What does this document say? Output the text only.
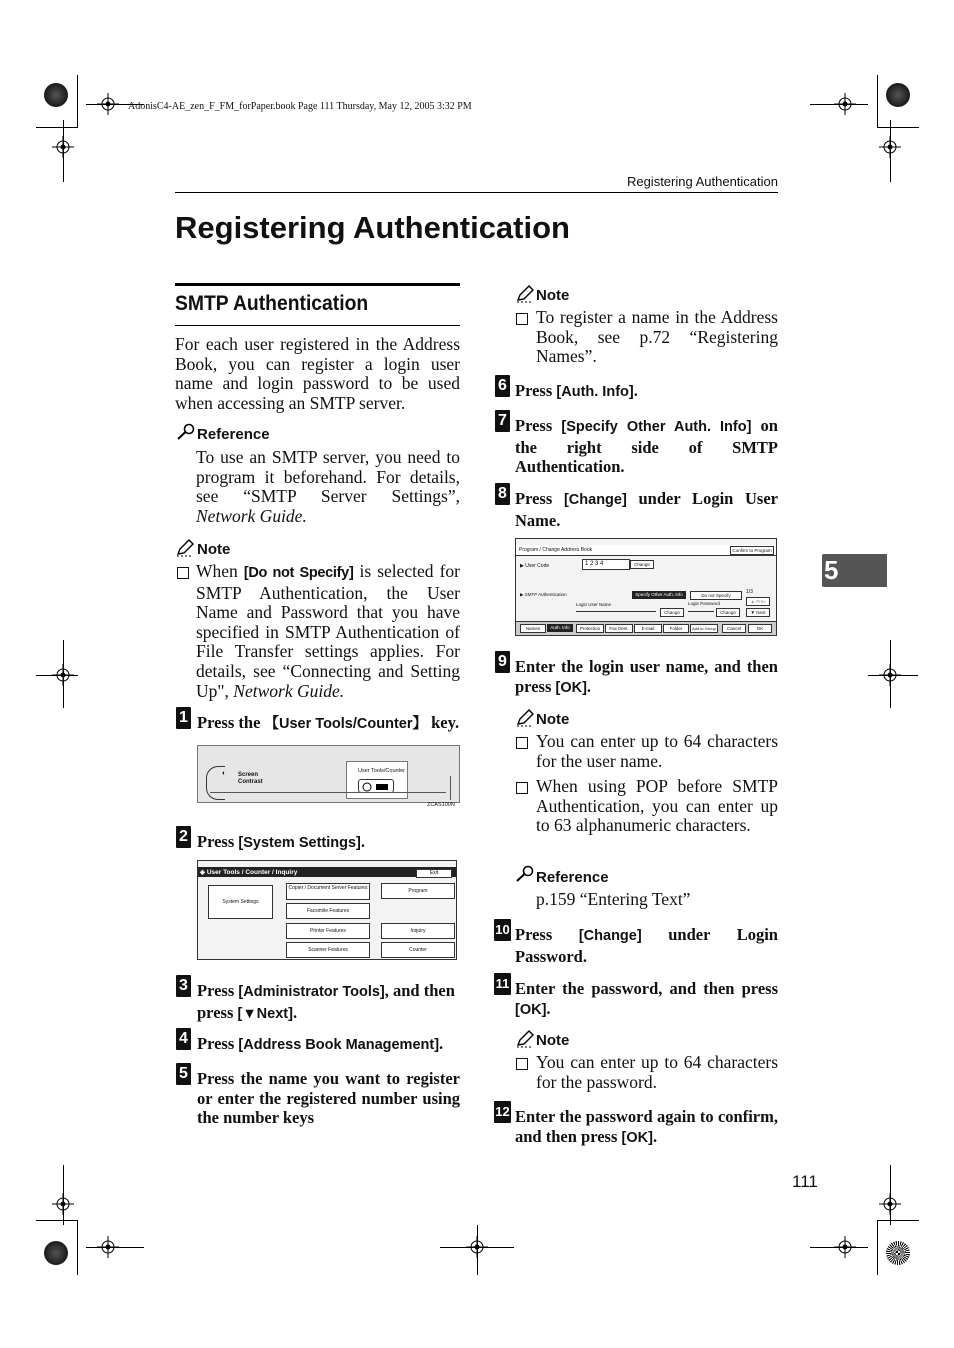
AdonisC4-AE_zen_F_FM_forPaper.book Page 111 Thursday, May 12, 2005 3:32 PM
Registering Authentication
5
Registering Authentication
SMTP Authentication
For each user registered in the Address Book, you can register a login user name and login password to be used when accessing an SMTP server.
Reference
To use an SMTP server, you need to program it beforehand. For details, see “SMTP Server Settings”, Network Guide.
Note
When [Do not Specify] is selected for SMTP Authentication, the User Name and Password that you have specified in SMTP Authentication of File Transfer settings applies. For details, see “Connecting and Setting Up", Network Guide.
1 Press the 【User Tools/Counter】 key.
◐ Screen
Contrast
User Tools/Counter
ZCAS100N
2 Press [System Settings].
◈ User Tools / Counter / Inquiry	Exit
System Settings
Copier / Document Server Features
Facsimile Features
Printer Features
Scanner Features
Program
Inquiry
Counter
3 Press [Administrator Tools], and then press [▼Next].
4 Press [Address Book Management].
5 Press the name you want to register or enter the registered number using the number keys
Note
To register a name in the Address Book, see p.72 “Registering Names”.
6 Press [Auth. Info].
7 Press [Specify Other Auth. Info] on the right side of SMTP Authentication.
8 Press [Change] under Login User Name.
Program / Change Address Book	Confirm to Program
▶ User Code	1 2 3 4	Change
▶ SMTP Authentication	Specify Other Auth. Info	Do not Specify
Login User Name	Login Password
Change	Change
1/3
▲ Prev
▼ Next
Names	Auth. Info	Protection	Fax Dest.	E-mail	Folder	Add to Group	Cancel	OK
9 Enter the login user name, and then press [OK].
Note
You can enter up to 64 characters for the user name.
When using POP before SMTP Authentication, you can enter up to 63 alphanumeric characters.
Reference
p.159 “Entering Text”
10 Press [Change] under Login Password.
11 Enter the password, and then press [OK].
Note
You can enter up to 64 characters for the password.
12 Enter the password again to confirm, and then press [OK].
111
